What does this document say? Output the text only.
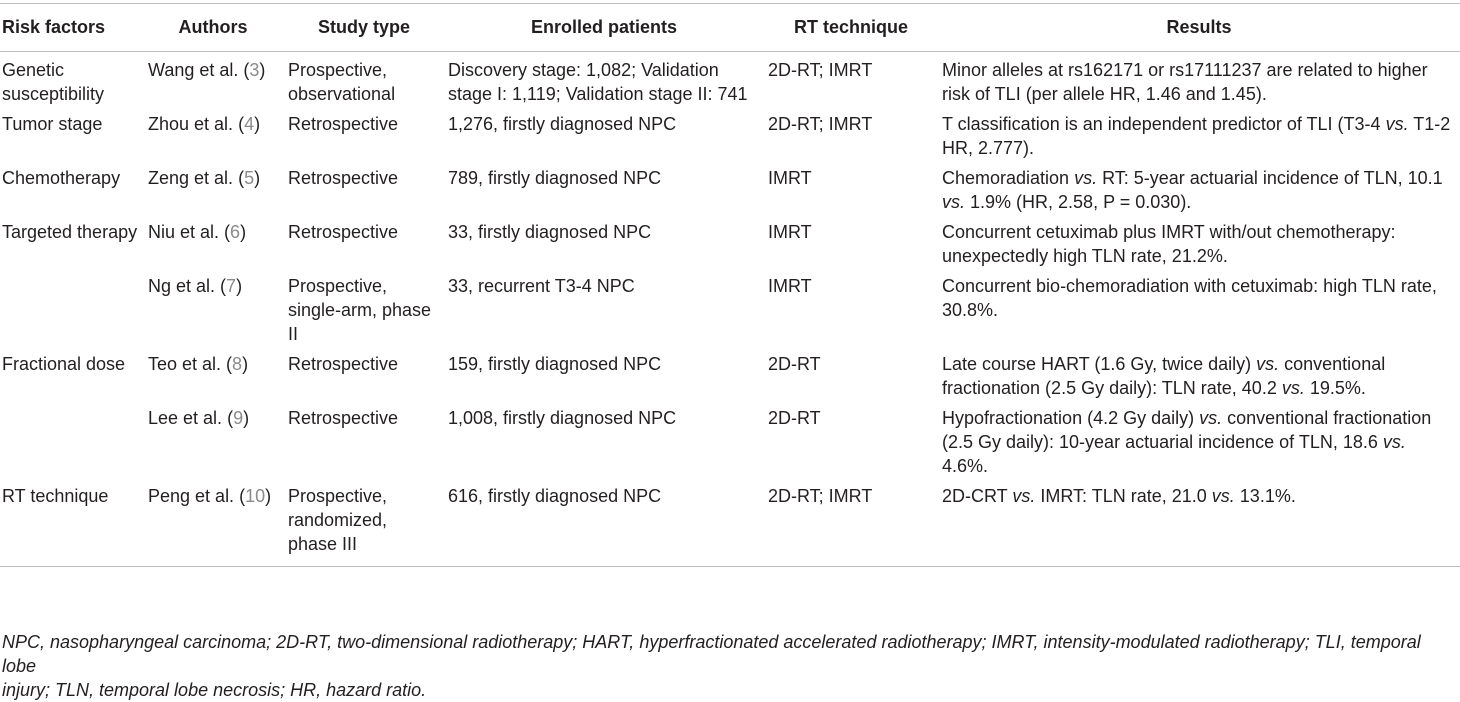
Risk factors	Authors	Study type	Enrolled patients	RT technique	Results
Genetic susceptibility	Wang et al. (3)	Prospective, observational	Discovery stage: 1,082; Validation stage I: 1,119; Validation stage II: 741	2D-RT; IMRT	Minor alleles at rs162171 or rs17111237 are related to higher risk of TLI (per allele HR, 1.46 and 1.45).
Tumor stage	Zhou et al. (4)	Retrospective	1,276, firstly diagnosed NPC	2D-RT; IMRT	T classification is an independent predictor of TLI (T3-4 vs. T1-2 HR, 2.777).
Chemotherapy	Zeng et al. (5)	Retrospective	789, firstly diagnosed NPC	IMRT	Chemoradiation vs. RT: 5-year actuarial incidence of TLN, 10.1 vs. 1.9% (HR, 2.58, P = 0.030).
Targeted therapy	Niu et al. (6)	Retrospective	33, firstly diagnosed NPC	IMRT	Concurrent cetuximab plus IMRT with/out chemotherapy: unexpectedly high TLN rate, 21.2%.
	Ng et al. (7)	Prospective, single-arm, phase II	33, recurrent T3-4 NPC	IMRT	Concurrent bio-chemoradiation with cetuximab: high TLN rate, 30.8%.
Fractional dose	Teo et al. (8)	Retrospective	159, firstly diagnosed NPC	2D-RT	Late course HART (1.6 Gy, twice daily) vs. conventional fractionation (2.5 Gy daily): TLN rate, 40.2 vs. 19.5%.
	Lee et al. (9)	Retrospective	1,008, firstly diagnosed NPC	2D-RT	Hypofractionation (4.2 Gy daily) vs. conventional fractionation (2.5 Gy daily): 10-year actuarial incidence of TLN, 18.6 vs. 4.6%.
RT technique	Peng et al. (10)	Prospective, randomized, phase III	616, firstly diagnosed NPC	2D-RT; IMRT	2D-CRT vs. IMRT: TLN rate, 21.0 vs. 13.1%.
NPC, nasopharyngeal carcinoma; 2D-RT, two-dimensional radiotherapy; HART, hyperfractionated accelerated radiotherapy; IMRT, intensity-modulated radiotherapy; TLI, temporal lobe
injury; TLN, temporal lobe necrosis; HR, hazard ratio.
